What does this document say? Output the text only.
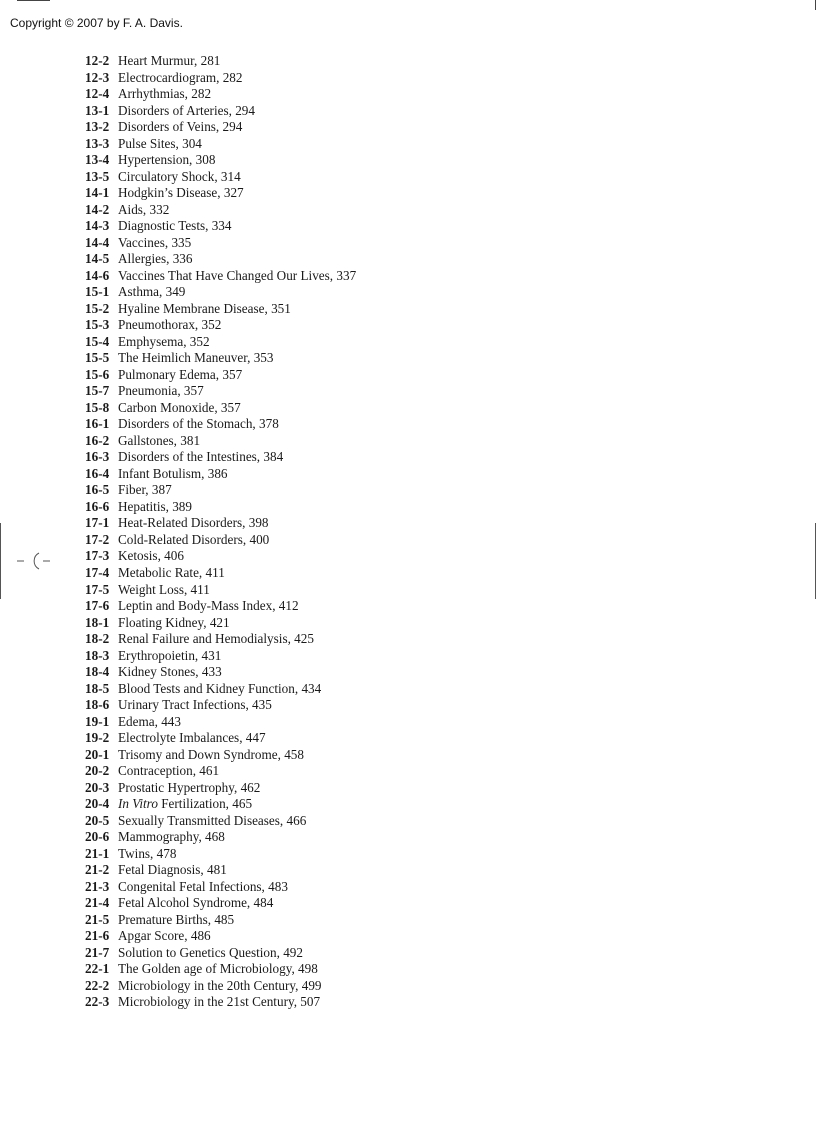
Copyright © 2007 by F. A. Davis.
12-2 Heart Murmur, 281
12-3 Electrocardiogram, 282
12-4 Arrhythmias, 282
13-1 Disorders of Arteries, 294
13-2 Disorders of Veins, 294
13-3 Pulse Sites, 304
13-4 Hypertension, 308
13-5 Circulatory Shock, 314
14-1 Hodgkin’s Disease, 327
14-2 Aids, 332
14-3 Diagnostic Tests, 334
14-4 Vaccines, 335
14-5 Allergies, 336
14-6 Vaccines That Have Changed Our Lives, 337
15-1 Asthma, 349
15-2 Hyaline Membrane Disease, 351
15-3 Pneumothorax, 352
15-4 Emphysema, 352
15-5 The Heimlich Maneuver, 353
15-6 Pulmonary Edema, 357
15-7 Pneumonia, 357
15-8 Carbon Monoxide, 357
16-1 Disorders of the Stomach, 378
16-2 Gallstones, 381
16-3 Disorders of the Intestines, 384
16-4 Infant Botulism, 386
16-5 Fiber, 387
16-6 Hepatitis, 389
17-1 Heat-Related Disorders, 398
17-2 Cold-Related Disorders, 400
17-3 Ketosis, 406
17-4 Metabolic Rate, 411
17-5 Weight Loss, 411
17-6 Leptin and Body-Mass Index, 412
18-1 Floating Kidney, 421
18-2 Renal Failure and Hemodialysis, 425
18-3 Erythropoietin, 431
18-4 Kidney Stones, 433
18-5 Blood Tests and Kidney Function, 434
18-6 Urinary Tract Infections, 435
19-1 Edema, 443
19-2 Electrolyte Imbalances, 447
20-1 Trisomy and Down Syndrome, 458
20-2 Contraception, 461
20-3 Prostatic Hypertrophy, 462
20-4 In Vitro Fertilization, 465
20-5 Sexually Transmitted Diseases, 466
20-6 Mammography, 468
21-1 Twins, 478
21-2 Fetal Diagnosis, 481
21-3 Congenital Fetal Infections, 483
21-4 Fetal Alcohol Syndrome, 484
21-5 Premature Births, 485
21-6 Apgar Score, 486
21-7 Solution to Genetics Question, 492
22-1 The Golden age of Microbiology, 498
22-2 Microbiology in the 20th Century, 499
22-3 Microbiology in the 21st Century, 507
